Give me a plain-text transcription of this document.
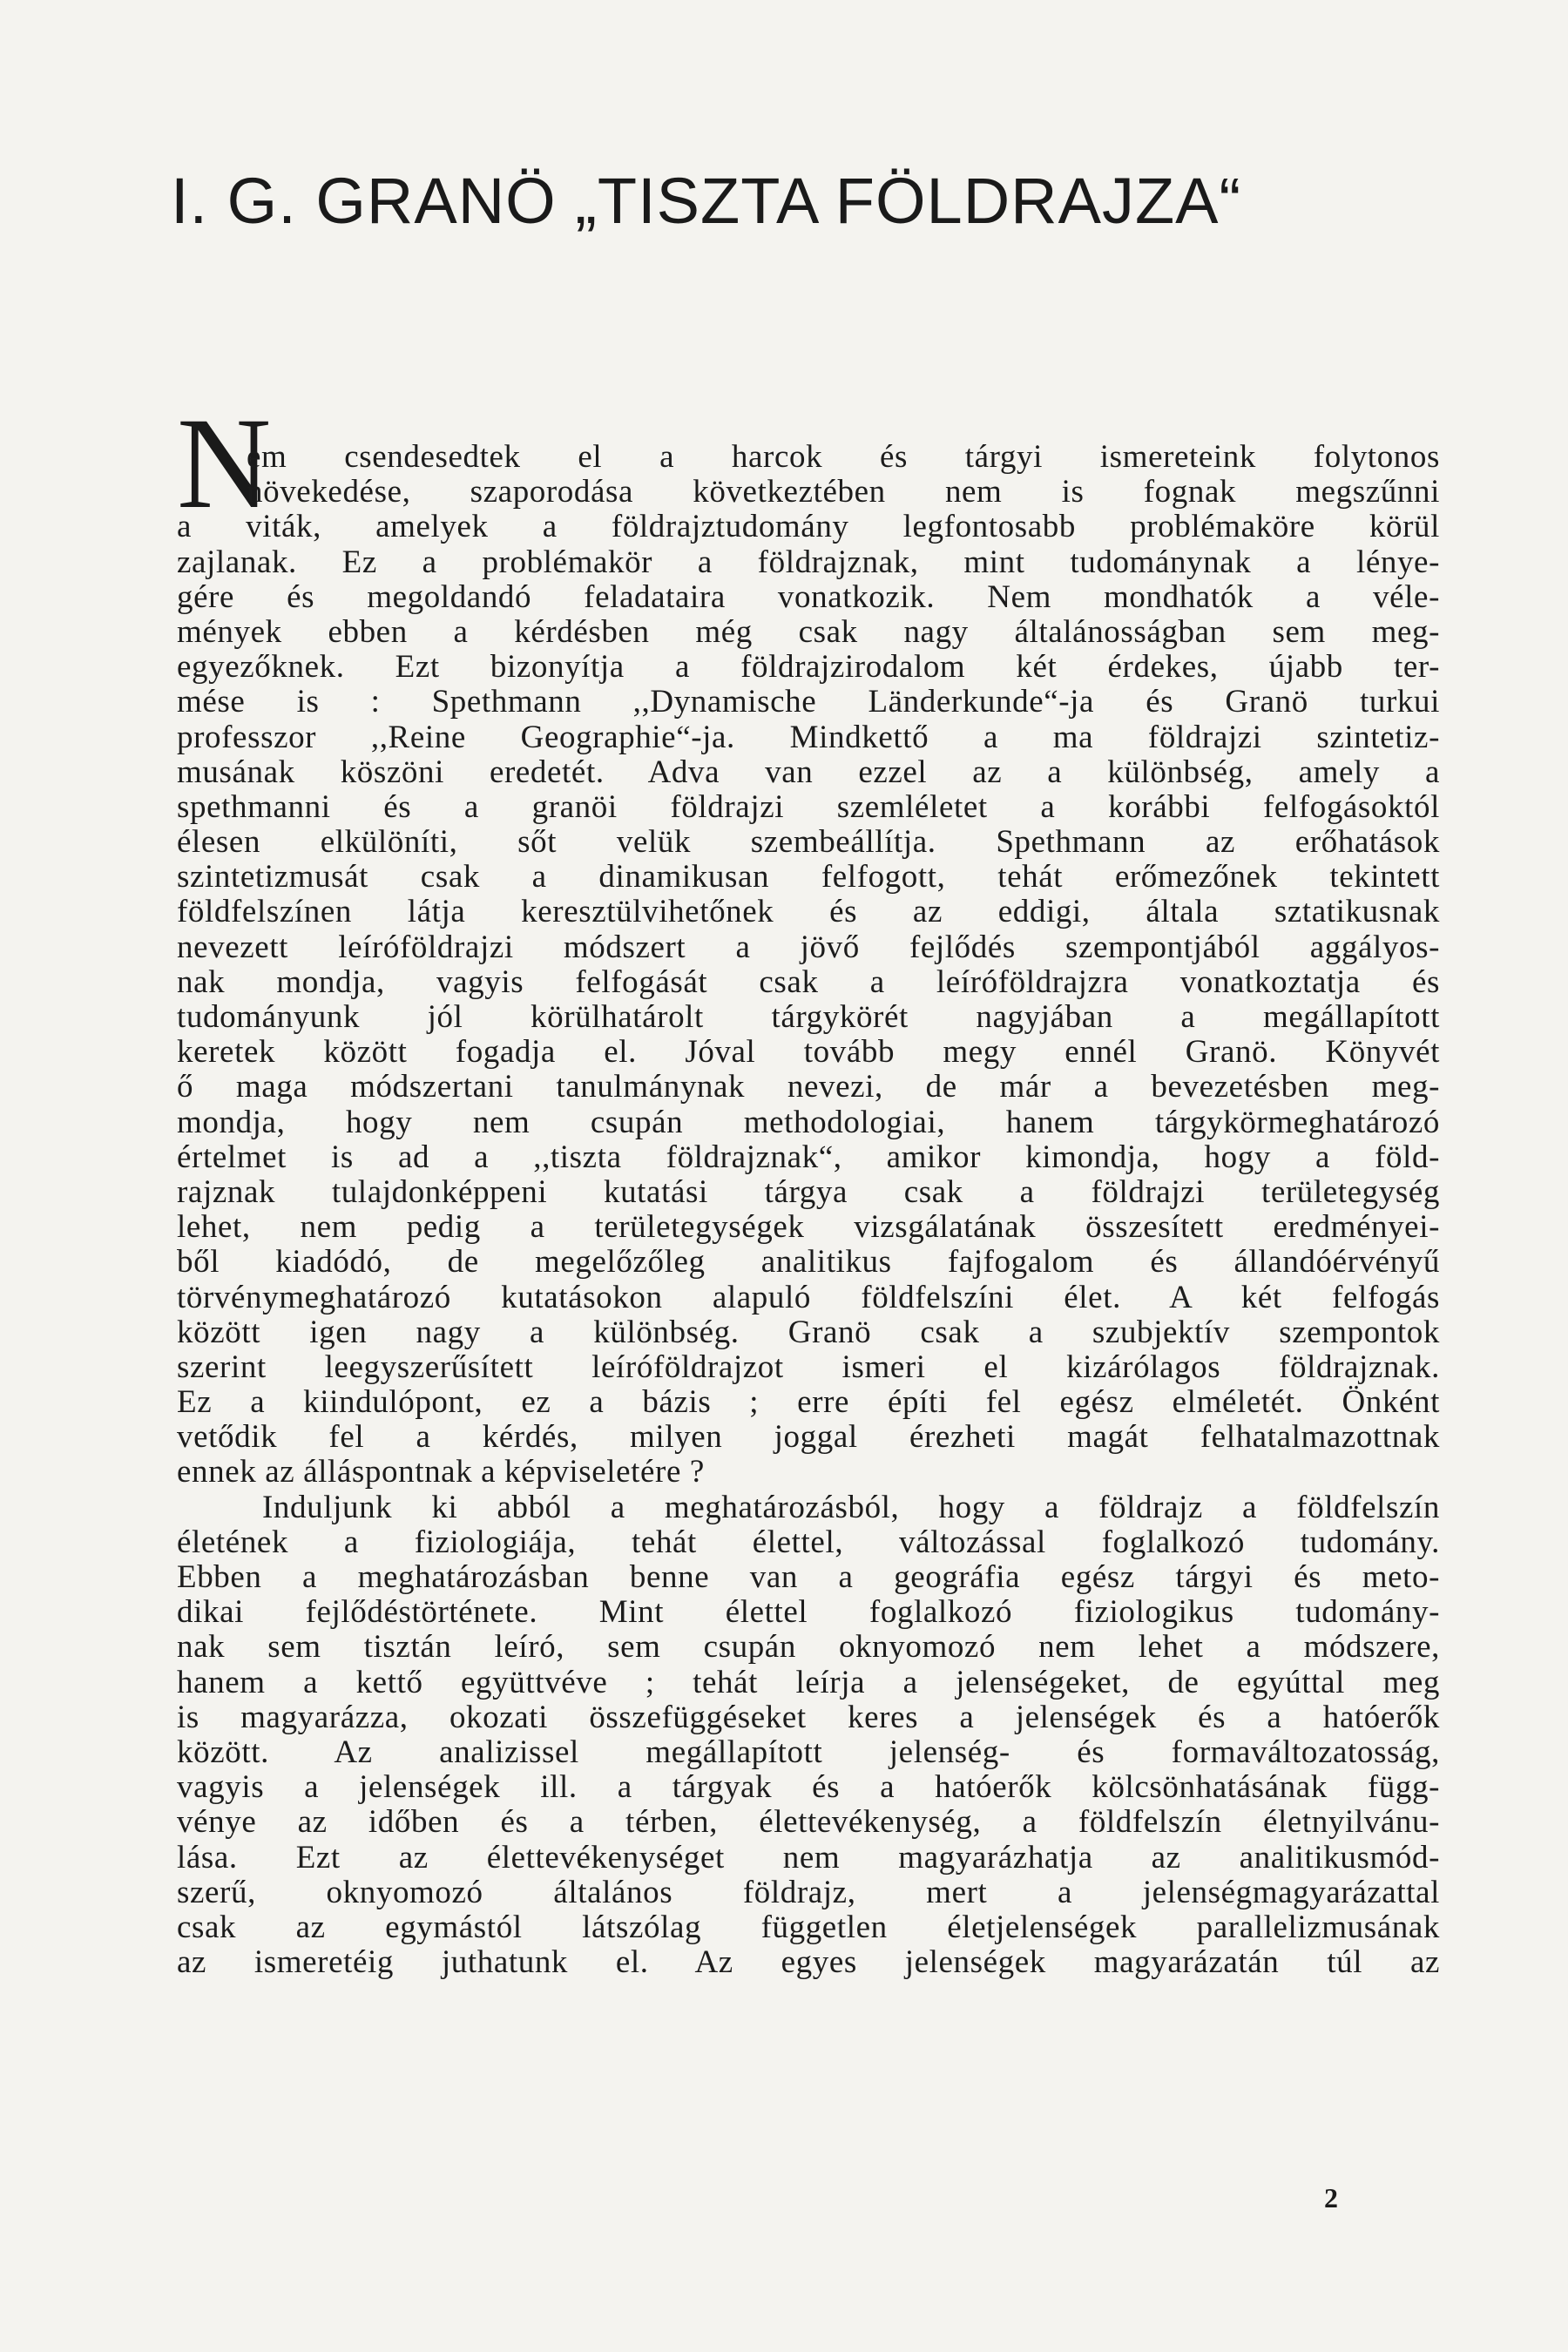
I. G. GRANÖ „TISZTA FÖLDRAJZA“
N
em csendesedtek el a harcok és tárgyi ismereteink folytonos
növekedése, szaporodása következtében nem is fognak megszűnni
a viták, amelyek a földrajztudomány legfontosabb problémaköre körül
zajlanak. Ez a problémakör a földrajznak, mint tudománynak a lénye-
gére és megoldandó feladataira vonatkozik. Nem mondhatók a véle-
mények ebben a kérdésben még csak nagy általánosságban sem meg-
egyezőknek. Ezt bizonyítja a földrajzirodalom két érdekes, újabb ter-
mése is : Spethmann ,,Dynamische Länderkunde“-ja és Granö turkui
professzor ,,Reine Geographie“-ja. Mindkettő a ma földrajzi szintetiz-
musának köszöni eredetét. Adva van ezzel az a különbség, amely a
spethmanni és a granöi földrajzi szemléletet a korábbi felfogásoktól
élesen elkülöníti, sőt velük szembeállítja. Spethmann az erőhatások
szintetizmusát csak a dinamikusan felfogott, tehát erőmezőnek tekintett
földfelszínen látja keresztülvihetőnek és az eddigi, általa sztatikusnak
nevezett leíróföldrajzi módszert a jövő fejlődés szempontjából aggályos-
nak mondja, vagyis felfogását csak a leíróföldrajzra vonatkoztatja és
tudományunk jól körülhatárolt tárgykörét nagyjában a megállapított
keretek között fogadja el. Jóval tovább megy ennél Granö. Könyvét
ő maga módszertani tanulmánynak nevezi, de már a bevezetésben meg-
mondja, hogy nem csupán methodologiai, hanem tárgykörmeghatározó
értelmet is ad a ,,tiszta földrajznak“, amikor kimondja, hogy a föld-
rajznak tulajdonképpeni kutatási tárgya csak a földrajzi területegység
lehet, nem pedig a területegységek vizsgálatának összesített eredményei-
ből kiadódó, de megelőzőleg analitikus fajfogalom és állandóérvényű
törvénymeghatározó kutatásokon alapuló földfelszíni élet. A két felfogás
között igen nagy a különbség. Granö csak a szubjektív szempontok
szerint leegyszerűsített leíróföldrajzot ismeri el kizárólagos földrajznak.
Ez a kiindulópont, ez a bázis ; erre építi fel egész elméletét. Önként
vetődik fel a kérdés, milyen joggal érezheti magát felhatalmazottnak
ennek az álláspontnak a képviseletére ?
Induljunk ki abból a meghatározásból, hogy a földrajz a földfelszín
életének a fiziologiája, tehát élettel, változással foglalkozó tudomány.
Ebben a meghatározásban benne van a geográfia egész tárgyi és meto-
dikai fejlődéstörténete. Mint élettel foglalkozó fiziologikus tudomány-
nak sem tisztán leíró, sem csupán oknyomozó nem lehet a módszere,
hanem a kettő együttvéve ; tehát leírja a jelenségeket, de egyúttal meg
is magyarázza, okozati összefüggéseket keres a jelenségek és a hatóerők
között. Az analizissel megállapított jelenség- és formaváltozatosság,
vagyis a jelenségek ill. a tárgyak és a hatóerők kölcsönhatásának függ-
vénye az időben és a térben, élettevékenység, a földfelszín életnyilvánu-
lása. Ezt az élettevékenységet nem magyarázhatja az analitikusmód-
szerű, oknyomozó általános földrajz, mert a jelenségmagyarázattal
csak az egymástól látszólag független életjelenségek parallelizmusának
az ismeretéig juthatunk el. Az egyes jelenségek magyarázatán túl az
2
